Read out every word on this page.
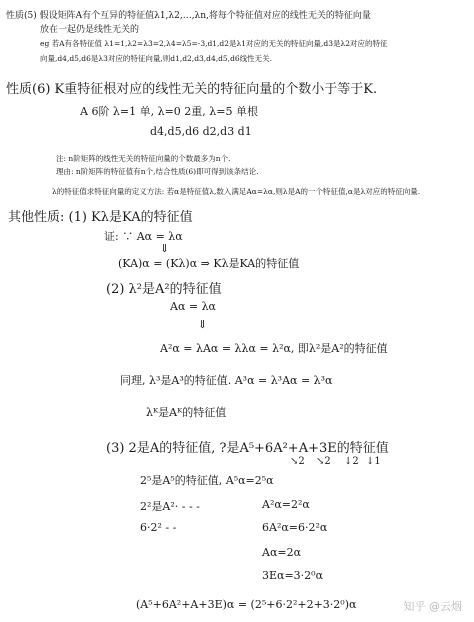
性质(5) 假设矩阵A有个互异的特征值λ1,λ2,…,λn,将每个特征值对应的线性无关的特征向量
放在一起仍是线性无关的
eg 若A有各特征值 λ1=1,λ2=λ3=2,λ4=λ5=-3,d1,d2是λ1对应的无关的特征向量,d3是λ2对应的特征
向量,d4,d5,d6是λ3对应的特征向量,则d1,d2,d3,d4,d5,d6线性无关.
性质(6) K重特征根对应的线性无关的特征向量的个数小于等于K.
A 6阶 λ=1 单, λ=0 2重, λ=5 单根
d4,d5,d6 d2,d3 d1
注: n阶矩阵的线性无关的特征向量的个数最多为n个.
理由: n阶矩阵的特征值有n个,结合性质(6)即可得到该条结论.
λ的特征值求特征向量的定义方法: 若α是特征值λ,数入满足Aα=λα,则λ是A的一个特征值,α是λ对应的特征向量.
其他性质: (1) Kλ是KA的特征值
证: ∵ Aα = λα
⇓
(KA)α = (Kλ)α ⇒ Kλ是KA的特征值
(2) λ²是A²的特征值
Aα = λα
⇓
A²α = λAα = λλα = λ²α, 即λ²是A²的特征值
同理, λ³是A³的特征值. A³α = λ³Aα = λ³α
λᴷ是Aᴷ的特征值
(3) 2是A的特征值, ?是A⁵+6A²+A+3E的特征值
↘2 ↘2 ↓2 ↓1
2⁵是A⁵的特征值, A⁵α=2⁵α
2²是A²· - - -	A²α=2²α
6·2² - -	6A²α=6·2²α
Aα=2α
3Eα=3·2⁰α
(A⁵+6A²+A+3E)α = (2⁵+6·2²+2+3·2⁰)α	知乎 @云烟
